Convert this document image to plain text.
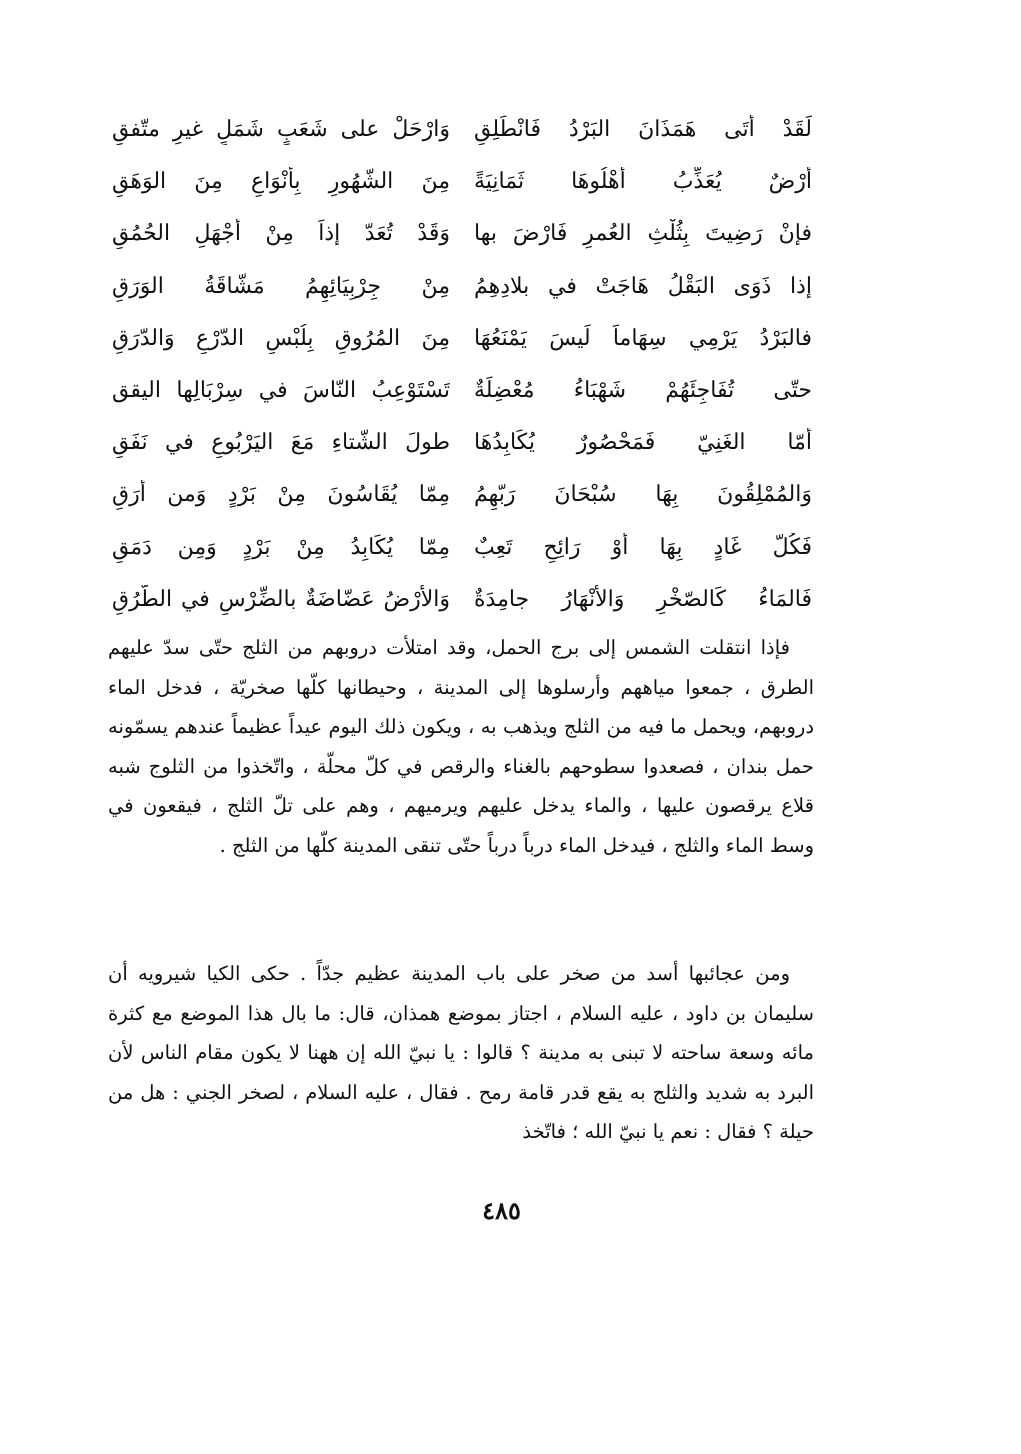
لَقَدْ أَتَى هَمَذَانَ البَرْدُ فَانْطَلِقِ
وَارْحَلْ على شَعَبٍ شَمَلٍ غيرِ متّفقِ
أَرْضٌ يُعَذِّبُ أَهْلُوهَا ثَمَانِيَةً
مِنَ الشّهُورِ بِأَنْوَاعٍ مِنَ الوَهَقِ
فإنْ رَضِيتَ بِثُلْثِ العُمرِ فَارْضَ بها
وَقَدْ تُعَدّ إذاً مِنْ أَجْهَلِ الحُمُقِ
إذا ذَوَى البَقْلُ هَاجَتْ في بلادِهِمُ
مِنْ جِرْبِيَائِهِمُ مَشّاقَةُ الوَرَقِ
فالبَرْدُ يَرْمِي سِهَاماً لَيسَ يَمْنَعُهَا
مِنَ المُرُوقِ بِلُبْسِ الدّرْعِ وَالدّرَقِ
حتّى تُفَاجِئَهُمْ شَهْبَاءُ مُعْضِلَةٌ
تَسْتَوْعِبُ النّاسَ في سِرْبَالِها اليقق
أمّا الغَنِيّ فَمَحْصُورٌ يُكَابِدُهَا
طولَ الشّتاءِ مَعَ اليَرْبُوعِ في نَفَقِ
وَالمُمْلِقُونَ بِهَا سُبْحَانَ رَبّهِمُ
مِمّا يُقَاسُونَ مِنْ بَرْدٍ وَمن أرَقِ
فَكُلّ غَادٍ بِهَا أَوْ رَائِحٍ تَعِبٌ
مِمّا يُكَابِدُ مِنْ بَرْدٍ وَمِن دَمَقِ
فَالمَاءُ كَالصّخْرِ وَالأَنْهَارُ جامِدَةٌ
وَالأَرْضُ عَضّاضَةٌ بالضِّرْسِ في الطُّرُقِ

فإذا انتقلت الشمس إلى برج الحمل، وقد امتلأت دروبهم من الثلج حتّى سدّ عليهم الطرق ، جمعوا مياههم وأرسلوها إلى المدينة ، وحيطانها كلّها صخريّة ، فدخل الماء دروبهم، ويحمل ما فيه من الثلج ويذهب به ، ويكون ذلك اليوم عيداً عظيماً عندهم يسمّونه حمل بندان ، فصعدوا سطوحهم بالغناء والرقص في كلّ محلّة ، واتّخذوا من الثلوج شبه قلاع يرقصون عليها ، والماء يدخل عليهم ويرميهم ، وهم على تلّ الثلج ، فيقعون في وسط الماء والثلج ، فيدخل الماء درباً درباً حتّى تنقى المدينة كلّها من الثلج .

ومن عجائبها أسد من صخر على باب المدينة عظيم جدّاً . حكى الكيا شيرويه أن سليمان بن داود ، عليه السلام ، اجتاز بموضع همذان، قال: ما بال هذا الموضع مع كثرة مائه وسعة ساحته لا تبنى به مدينة ؟ قالوا : يا نبيّ الله إن ههنا لا يكون مقام الناس لأن البرد به شديد والثلج به يقع قدر قامة رمح . فقال ، عليه السلام ، لصخر الجني : هل من حيلة ؟ فقال : نعم يا نبيّ الله ؛ فاتّخذ

٤٨٥
